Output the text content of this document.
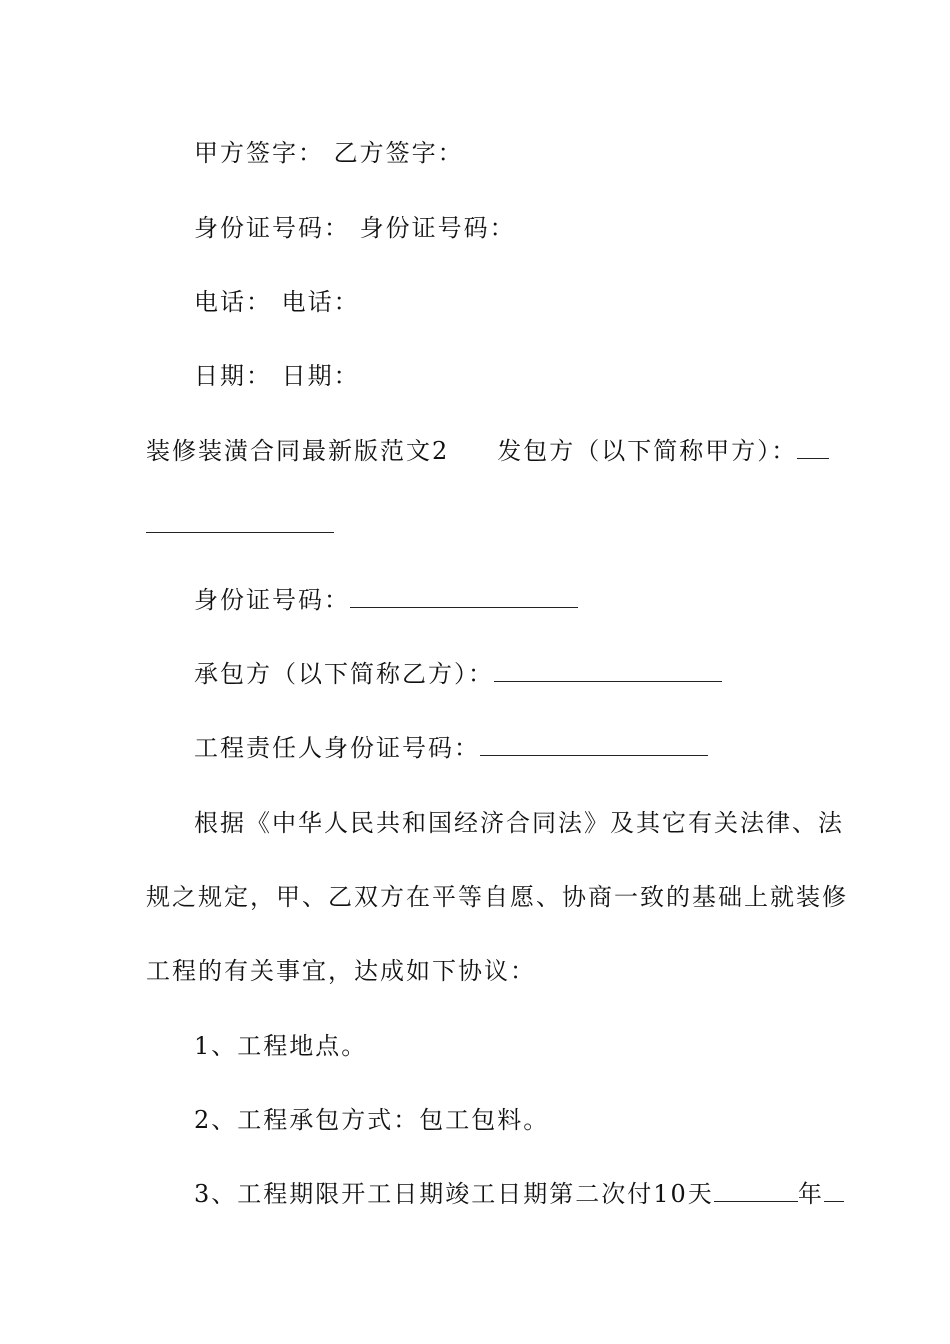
甲方签字： 乙方签字：
身份证号码： 身份证号码：
电话： 电话：
日期： 日期：
装修装潢合同最新版范文2 发包方（以下简称甲方）：
身份证号码：
承包方（以下简称乙方）：
工程责任人身份证号码：
根据《中华人民共和国经济合同法》及其它有关法律、法
规之规定，甲、乙双方在平等自愿、协商一致的基础上就装修
工程的有关事宜，达成如下协议：
1、工程地点。
2、工程承包方式：包工包料。
3、工程期限开工日期竣工日期第二次付10天	年
